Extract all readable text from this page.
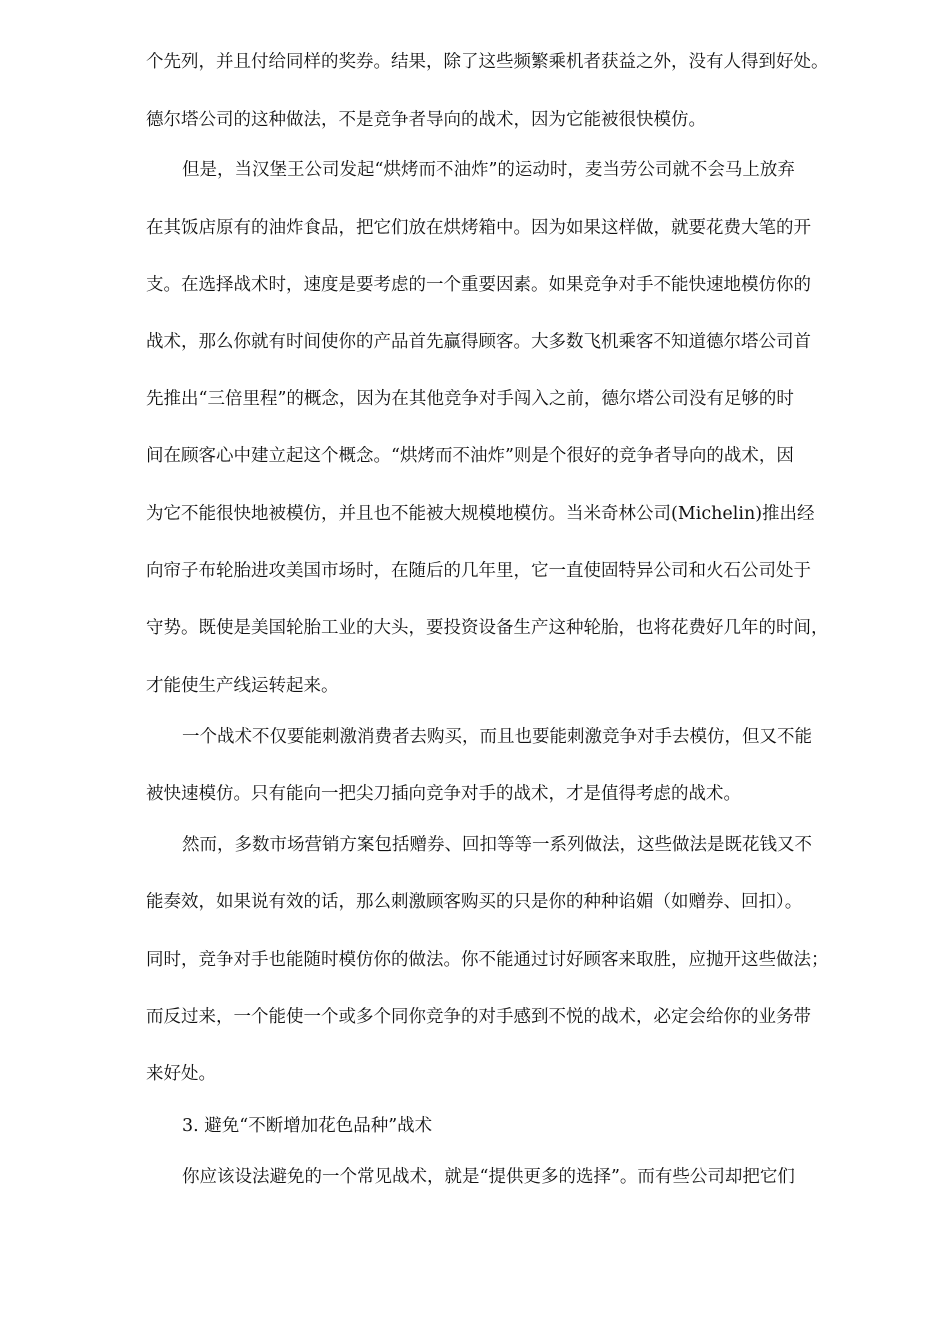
个先列，并且付给同样的奖券。结果，除了这些频繁乘机者获益之外，没有人得到好处。
德尔塔公司的这种做法，不是竞争者导向的战术，因为它能被很快模仿。
但是，当汉堡王公司发起“烘烤而不油炸”的运动时，麦当劳公司就不会马上放弃
在其饭店原有的油炸食品，把它们放在烘烤箱中。因为如果这样做，就要花费大笔的开
支。在选择战术时，速度是要考虑的一个重要因素。如果竞争对手不能快速地模仿你的
战术，那么你就有时间使你的产品首先赢得顾客。大多数飞机乘客不知道德尔塔公司首
先推出“三倍里程”的概念，因为在其他竞争对手闯入之前，德尔塔公司没有足够的时
间在顾客心中建立起这个概念。“烘烤而不油炸”则是个很好的竞争者导向的战术，因
为它不能很快地被模仿，并且也不能被大规模地模仿。当米奇林公司(Michelin)推出经
向帘子布轮胎进攻美国市场时，在随后的几年里，它一直使固特异公司和火石公司处于
守势。既使是美国轮胎工业的大头，要投资设备生产这种轮胎，也将花费好几年的时间，
才能使生产线运转起来。
一个战术不仅要能刺激消费者去购买，而且也要能刺激竞争对手去模仿，但又不能
被快速模仿。只有能向一把尖刀插向竞争对手的战术，才是值得考虑的战术。
然而，多数市场营销方案包括赠券、回扣等等一系列做法，这些做法是既花钱又不
能奏效，如果说有效的话，那么刺激顾客购买的只是你的种种谄媚（如赠券、回扣）。
同时，竞争对手也能随时模仿你的做法。你不能通过讨好顾客来取胜，应抛开这些做法；
而反过来，一个能使一个或多个同你竞争的对手感到不悦的战术，必定会给你的业务带
来好处。
3. 避免“不断增加花色品种”战术
你应该设法避免的一个常见战术，就是“提供更多的选择”。而有些公司却把它们
